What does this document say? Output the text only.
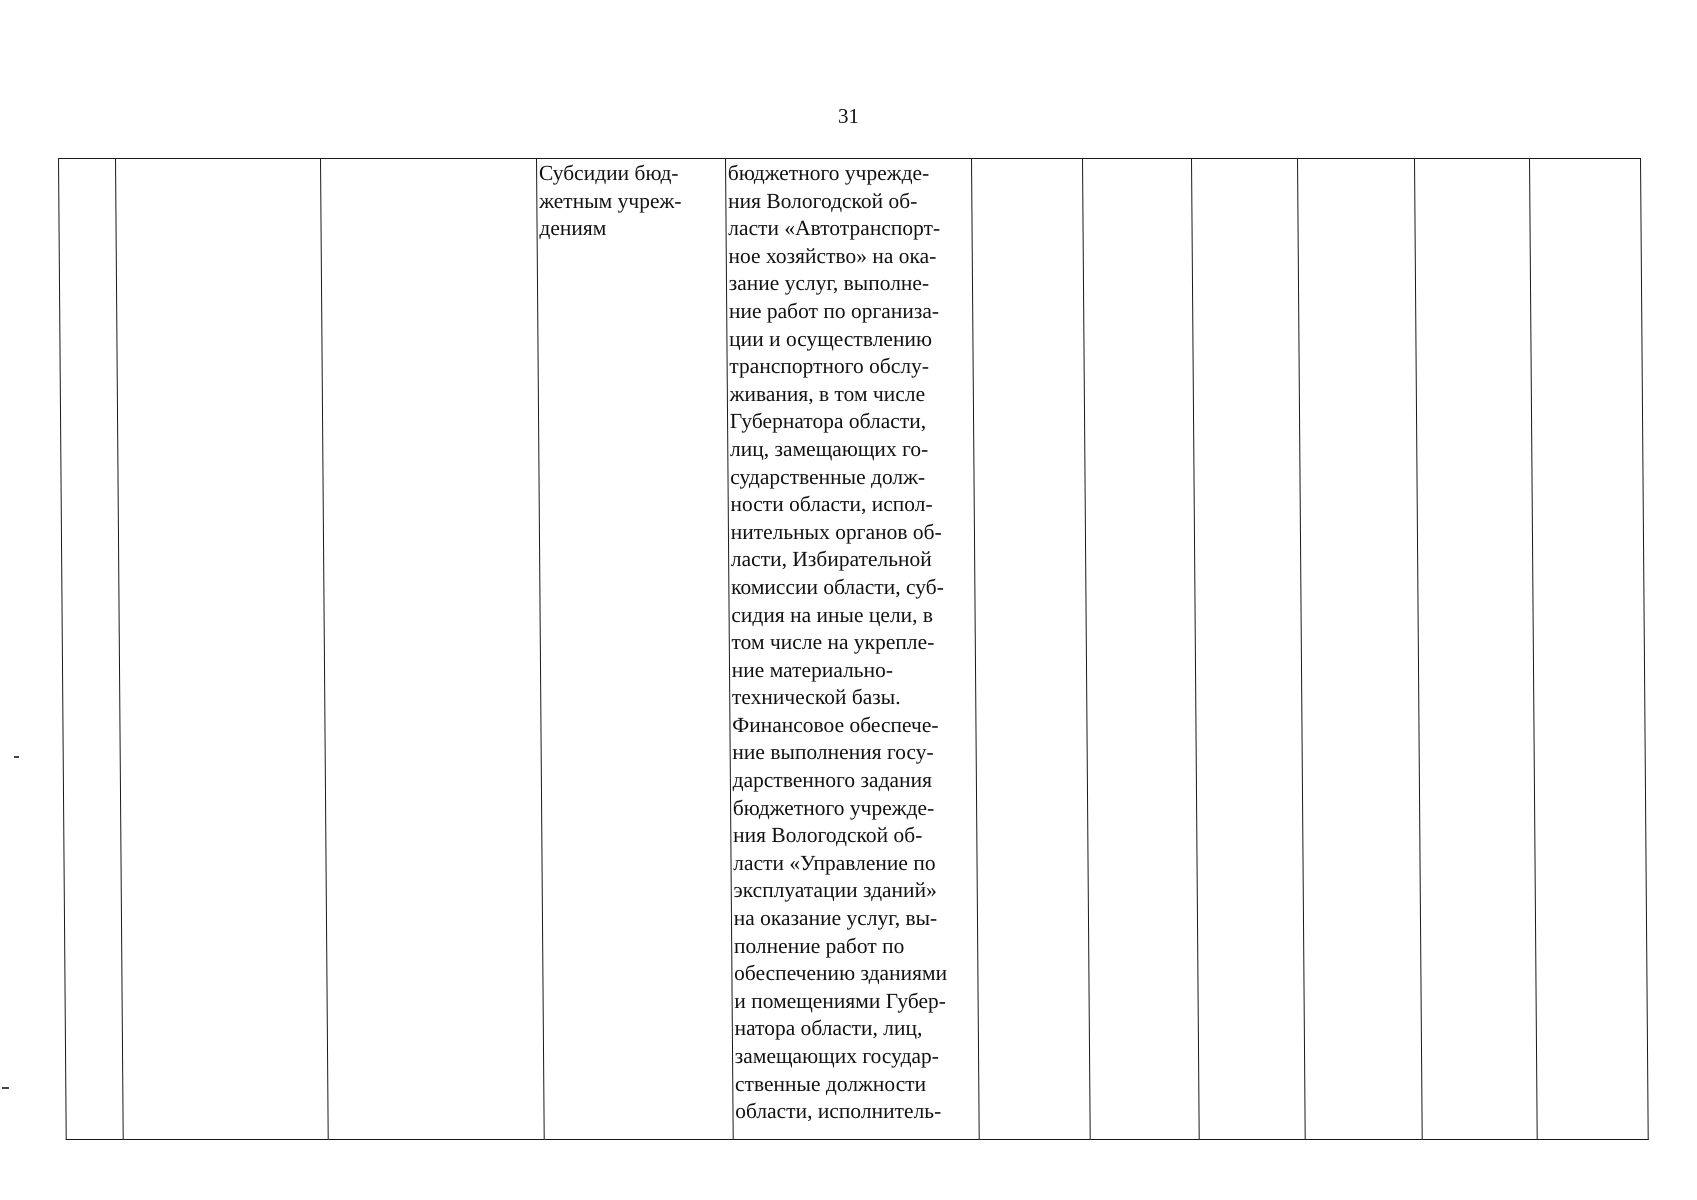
31

Субсидии бюд-
жетным учреж-
дениям

бюджетного учрежде-
ния Вологодской об-
ласти «Автотранспорт-
ное хозяйство» на ока-
зание услуг, выполне-
ние работ по организа-
ции и осуществлению
транспортного обслу-
живания, в том числе
Губернатора области,
лиц, замещающих го-
сударственные долж-
ности области, испол-
нительных органов об-
ласти, Избирательной
комиссии области, суб-
сидия на иные цели, в
том числе на укрепле-
ние материально-
технической базы.
Финансовое обеспече-
ние выполнения госу-
дарственного задания
бюджетного учрежде-
ния Вологодской об-
ласти «Управление по
эксплуатации зданий»
на оказание услуг, вы-
полнение работ по
обеспечению зданиями
и помещениями Губер-
натора области, лиц,
замещающих государ-
ственные должности
области, исполнитель-
